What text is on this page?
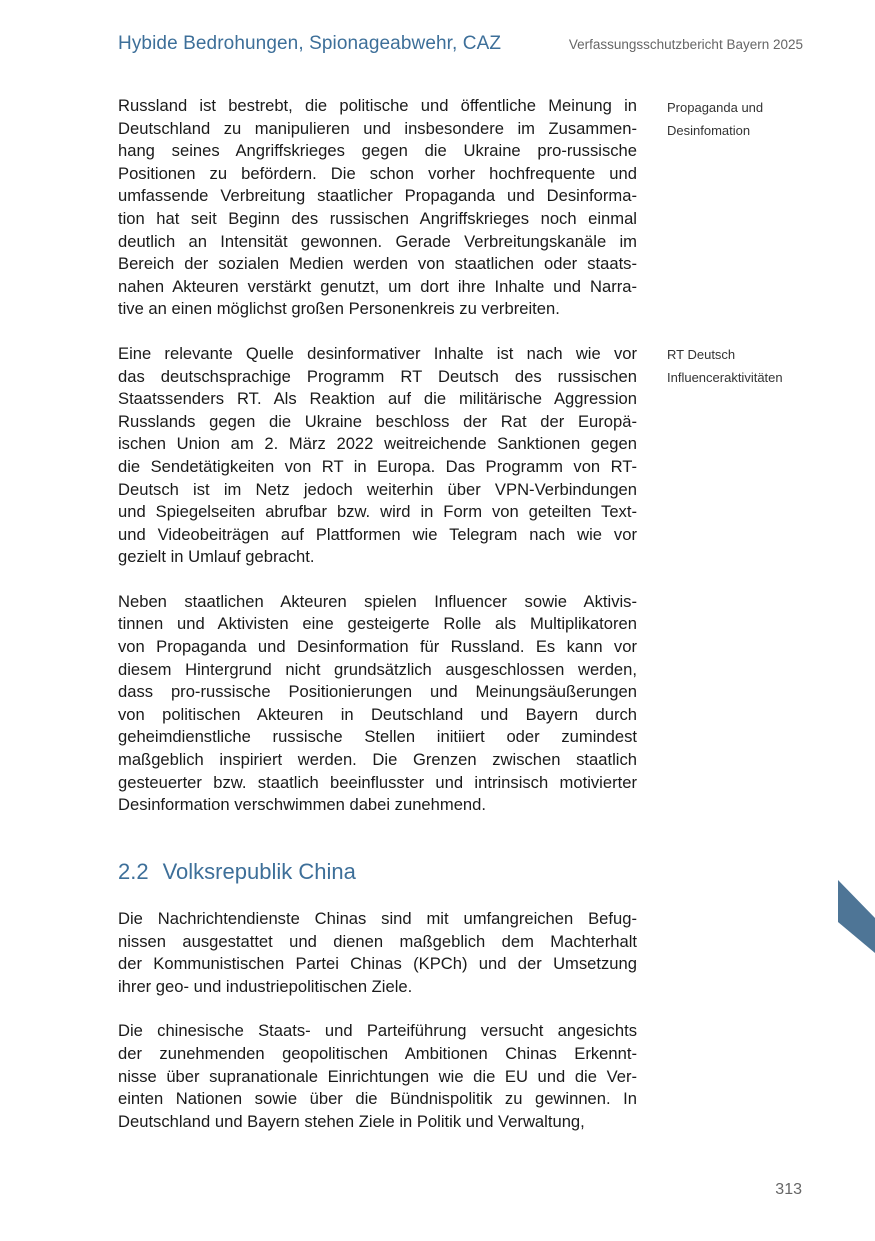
Hybide Bedrohungen, Spionageabwehr, CAZ	Verfassungsschutzbericht Bayern 2025

Russland ist bestrebt, die politische und öffentliche Meinung in
Deutschland zu manipulieren und insbesondere im Zusammen-
hang seines Angriffskrieges gegen die Ukraine pro-russische
Positionen zu befördern. Die schon vorher hochfrequente und
umfassende Verbreitung staatlicher Propaganda und Desinforma-
tion hat seit Beginn des russischen Angriffskrieges noch einmal
deutlich an Intensität gewonnen. Gerade Verbreitungskanäle im
Bereich der sozialen Medien werden von staatlichen oder staats-
nahen Akteuren verstärkt genutzt, um dort ihre Inhalte und Narra-
tive an einen möglichst großen Personenkreis zu verbreiten.

Eine relevante Quelle desinformativer Inhalte ist nach wie vor
das deutschsprachige Programm RT Deutsch des russischen
Staatssenders RT. Als Reaktion auf die militärische Aggression
Russlands gegen die Ukraine beschloss der Rat der Europä-
ischen Union am 2. März 2022 weitreichende Sanktionen gegen
die Sendetätigkeiten von RT in Europa. Das Programm von RT-
Deutsch ist im Netz jedoch weiterhin über VPN-Verbindungen
und Spiegelseiten abrufbar bzw. wird in Form von geteilten Text-
und Videobeiträgen auf Plattformen wie Telegram nach wie vor
gezielt in Umlauf gebracht.

Neben staatlichen Akteuren spielen Influencer sowie Aktivis-
tinnen und Aktivisten eine gesteigerte Rolle als Multiplikatoren
von Propaganda und Desinformation für Russland. Es kann vor
diesem Hintergrund nicht grundsätzlich ausgeschlossen werden,
dass pro-russische Positionierungen und Meinungsäußerungen
von politischen Akteuren in Deutschland und Bayern durch
geheimdienstliche russische Stellen initiiert oder zumindest
maßgeblich inspiriert werden. Die Grenzen zwischen staatlich
gesteuerter bzw. staatlich beeinflusster und intrinsisch motivierter
Desinformation verschwimmen dabei zunehmend.

Propaganda und
Desinfomation
RT Deutsch
Influenceraktivitäten
2.2 Volksrepublik China

Die Nachrichtendienste Chinas sind mit umfangreichen Befug-
nissen ausgestattet und dienen maßgeblich dem Machterhalt
der Kommunistischen Partei Chinas (KPCh) und der Umsetzung
ihrer geo- und industriepolitischen Ziele.

Die chinesische Staats- und Parteiführung versucht angesichts
der zunehmenden geopolitischen Ambitionen Chinas Erkennt-
nisse über supranationale Einrichtungen wie die EU und die Ver-
einten Nationen sowie über die Bündnispolitik zu gewinnen. In
Deutschland und Bayern stehen Ziele in Politik und Verwaltung,

313
